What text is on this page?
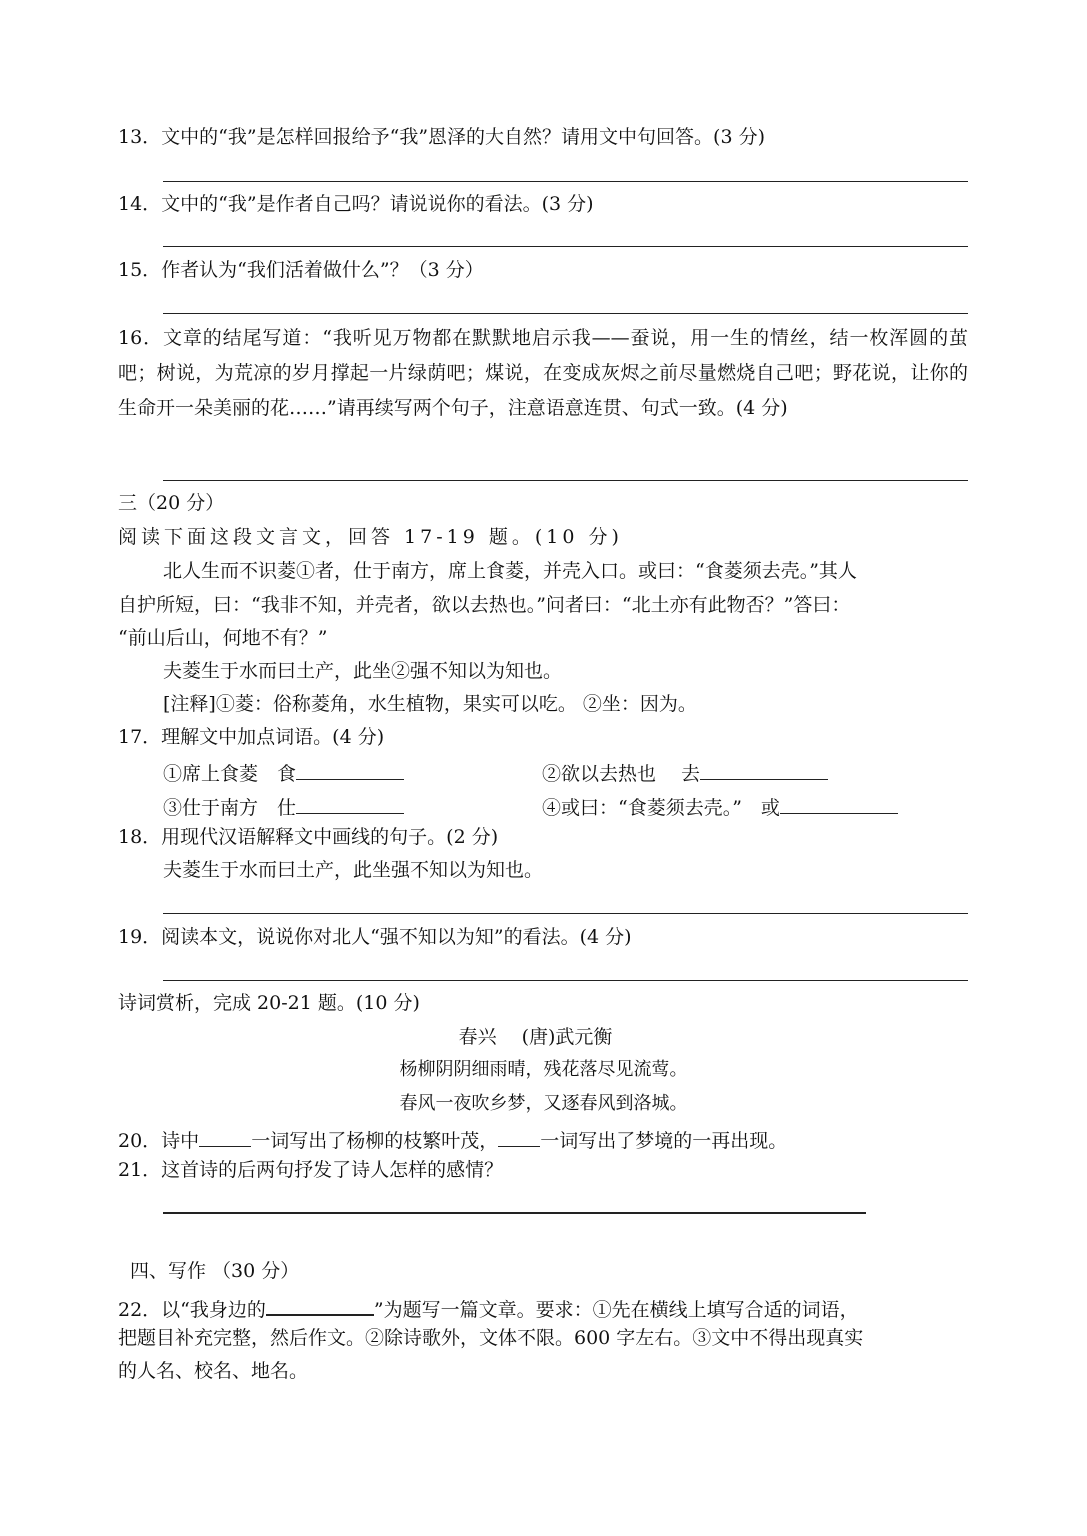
13．文中的“我”是怎样回报给予“我”恩泽的大自然？请用文中句回答。(3 分)
14．文中的“我”是作者自己吗？请说说你的看法。(3 分)
15．作者认为“我们活着做什么”？（3 分）
16．文章的结尾写道：“我听见万物都在默默地启示我——蚕说，用一生的情丝，结一枚浑圆的茧吧；树说，为荒凉的岁月撑起一片绿荫吧；煤说，在变成灰烬之前尽量燃烧自己吧；野花说，让你的生命开一朵美丽的花……”请再续写两个句子，注意语意连贯、句式一致。(4 分)
三（20 分）
阅读下面这段文言文，回答 17-19 题。(10 分)
北人生而不识菱①者，仕于南方，席上食菱，并壳入口。或曰：“食菱须去壳。”其人
自护所短，曰：“我非不知，并壳者，欲以去热也。”问者曰：“北土亦有此物否？”答曰：
“前山后山，何地不有？”
夫菱生于水而曰土产，此坐②强不知以为知也。
[注释]①菱：俗称菱角，水生植物，果实可以吃。 ②坐：因为。
17．理解文中加点词语。(4 分)
①席上食菱　食	②欲以去热也　 去
③仕于南方　仕	④或曰：“食菱须去壳。”　或
18．用现代汉语解释文中画线的句子。(2 分)
夫菱生于水而曰土产，此坐强不知以为知也。
19．阅读本文，说说你对北人“强不知以为知”的看法。(4 分)
诗词赏析，完成 20-21 题。(10 分)
春兴　 (唐)武元衡
杨柳阴阴细雨晴，残花落尽见流莺。
春风一夜吹乡梦，又逐春风到洛城。
20．诗中	一词写出了杨柳的枝繁叶茂， 一词写出了梦境的一再出现。
21．这首诗的后两句抒发了诗人怎样的感情？
四、写作 （30 分）
22．以“我身边的	”为题写一篇文章。要求：①先在横线上填写合适的词语，
把题目补充完整，然后作文。②除诗歌外，文体不限。600 字左右。③文中不得出现真实
的人名、校名、地名。
